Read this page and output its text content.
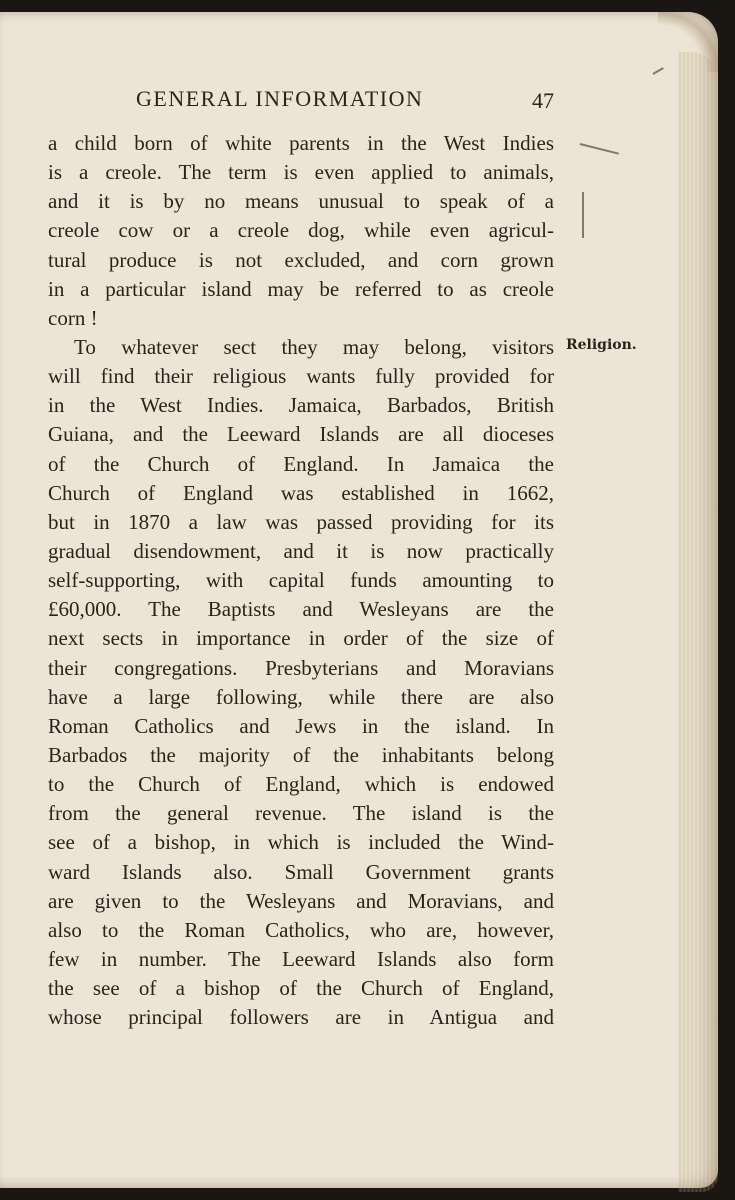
GENERAL INFORMATION	47
a child born of white parents in the West Indies
is a creole. The term is even applied to animals,
and it is by no means unusual to speak of a
creole cow or a creole dog, while even agricul-
tural produce is not excluded, and corn grown
in a particular island may be referred to as creole
corn !
To whatever sect they may belong, visitors
will find their religious wants fully provided for
in the West Indies. Jamaica, Barbados, British
Guiana, and the Leeward Islands are all dioceses
of the Church of England. In Jamaica the
Church of England was established in 1662,
but in 1870 a law was passed providing for its
gradual disendowment, and it is now practically
self-supporting, with capital funds amounting to
£60,000. The Baptists and Wesleyans are the
next sects in importance in order of the size of
their congregations. Presbyterians and Moravians
have a large following, while there are also
Roman Catholics and Jews in the island. In
Barbados the majority of the inhabitants belong
to the Church of England, which is endowed
from the general revenue. The island is the
see of a bishop, in which is included the Wind-
ward Islands also. Small Government grants
are given to the Wesleyans and Moravians, and
also to the Roman Catholics, who are, however,
few in number. The Leeward Islands also form
the see of a bishop of the Church of England,
whose principal followers are in Antigua and
Religion.
